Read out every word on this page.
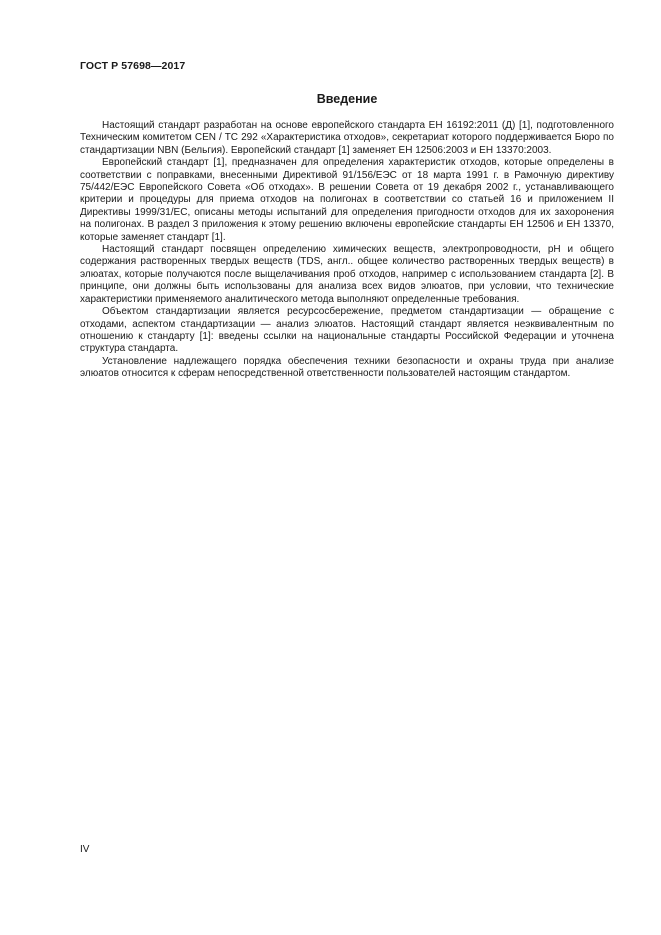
ГОСТ Р 57698—2017
Введение

Настоящий стандарт разработан на основе европейского стандарта ЕН 16192:2011 (Д) [1], подготовленного Техническим комитетом CEN / TC 292 «Характеристика отходов», секретариат которого поддерживается Бюро по стандартизации NBN (Бельгия). Европейский стандарт [1] заменяет ЕН 12506:2003 и ЕН 13370:2003.

Европейский стандарт [1], предназначен для определения характеристик отходов, которые определены в соответствии с поправками, внесенными Директивой 91/156/ЕЭС от 18 марта 1991 г. в Рамочную директиву 75/442/ЕЭС Европейского Совета «Об отходах». В решении Совета от 19 декабря 2002 г., устанавливающего критерии и процедуры для приема отходов на полигонах в соответствии со статьей 16 и приложением II Директивы 1999/31/ЕС, описаны методы испытаний для определения пригодности отходов для их захоронения на полигонах. В раздел 3 приложения к этому решению включены европейские стандарты ЕН 12506 и ЕН 13370, которые заменяет стандарт [1].

Настоящий стандарт посвящен определению химических веществ, электропроводности, pH и общего содержания растворенных твердых веществ (TDS, англ.. общее количество растворенных твердых веществ) в элюатах, которые получаются после выщелачивания проб отходов, например с использованием стандарта [2]. В принципе, они должны быть использованы для анализа всех видов элюатов, при условии, что технические характеристики применяемого аналитического метода выполняют определенные требования.

Объектом стандартизации является ресурсосбережение, предметом стандартизации — обращение с отходами, аспектом стандартизации — анализ элюатов. Настоящий стандарт является неэквивалентным по отношению к стандарту [1]: введены ссылки на национальные стандарты Российской Федерации и уточнена структура стандарта.

Установление надлежащего порядка обеспечения техники безопасности и охраны труда при анализе элюатов относится к сферам непосредственной ответственности пользователей настоящим стандартом.

IV
